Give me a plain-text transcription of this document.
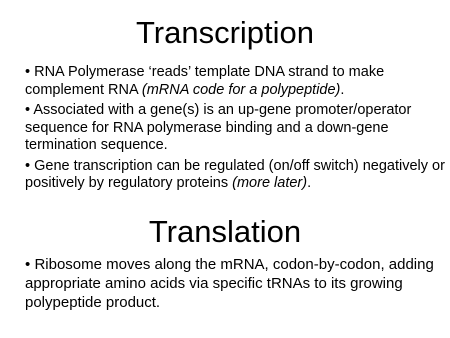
Transcription
• RNA Polymerase ‘reads’ template DNA strand to make complement RNA (mRNA code for a polypeptide).
• Associated with a gene(s) is an up-gene promoter/operator sequence for RNA polymerase binding and a down-gene termination sequence.
• Gene transcription can be regulated (on/off switch) negatively or positively by regulatory proteins (more later).
Translation
• Ribosome moves along the mRNA, codon-by-codon, adding appropriate amino acids via specific tRNAs to its growing polypeptide product.
